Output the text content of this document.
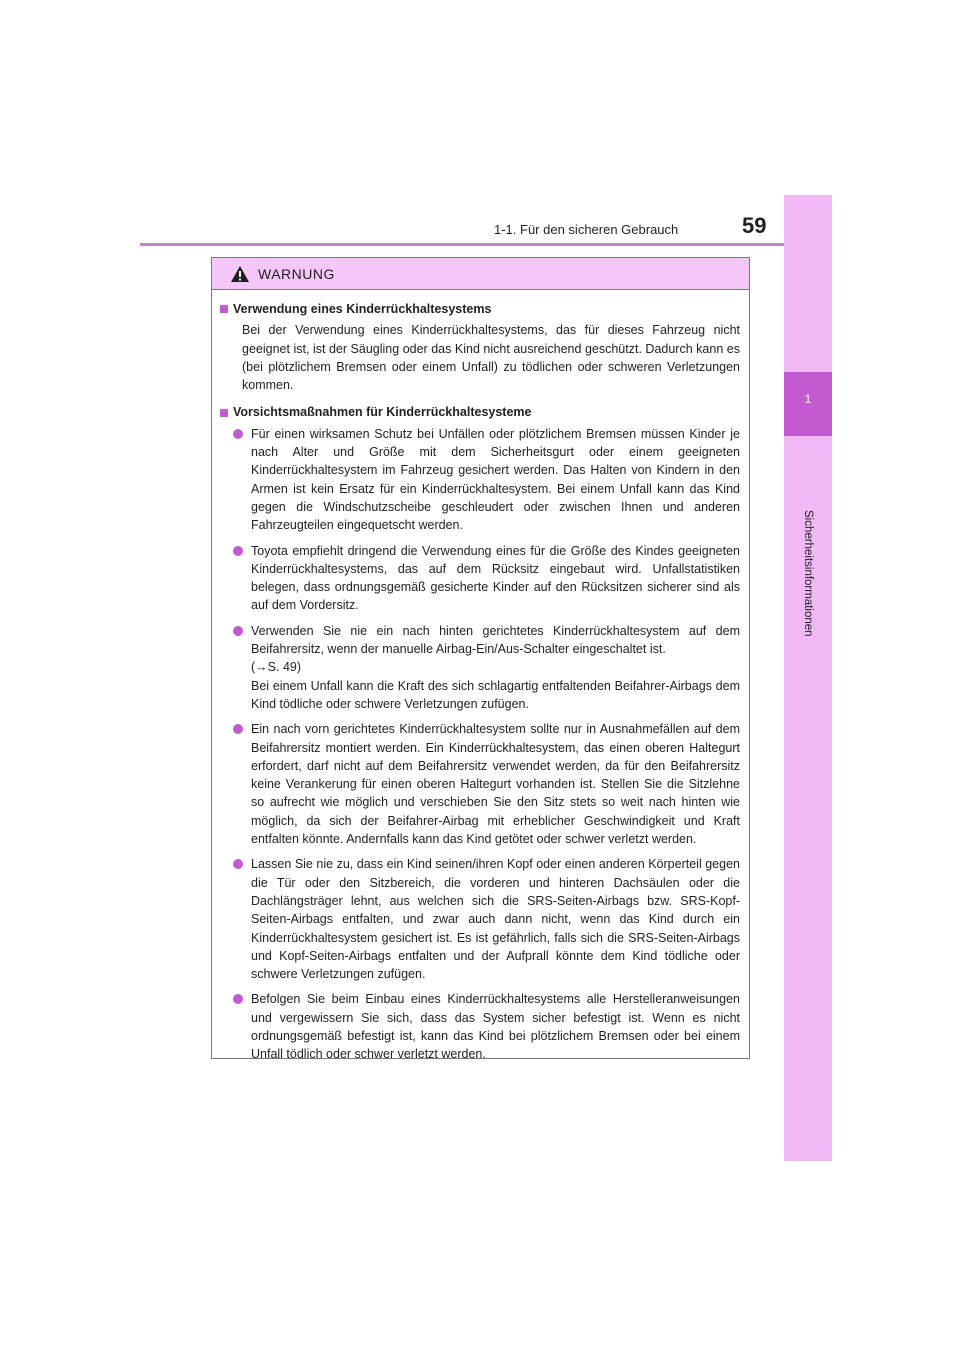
1-1. Für den sicheren Gebrauch	59
1
Sicherheitsinformationen
WARNUNG
Verwendung eines Kinderrückhaltesystems
Bei der Verwendung eines Kinderrückhaltesystems, das für dieses Fahrzeug nicht geeignet ist, ist der Säugling oder das Kind nicht ausreichend geschützt. Dadurch kann es (bei plötzlichem Bremsen oder einem Unfall) zu tödlichen oder schweren Verletzungen kommen.
Vorsichtsmaßnahmen für Kinderrückhaltesysteme
Für einen wirksamen Schutz bei Unfällen oder plötzlichem Bremsen müssen Kinder je nach Alter und Größe mit dem Sicherheitsgurt oder einem geeigneten Kinderrückhaltesystem im Fahrzeug gesichert werden. Das Halten von Kindern in den Armen ist kein Ersatz für ein Kinderrückhaltesystem. Bei einem Unfall kann das Kind gegen die Windschutzscheibe geschleudert oder zwischen Ihnen und anderen Fahrzeugteilen eingequetscht werden.
Toyota empfiehlt dringend die Verwendung eines für die Größe des Kindes geeigneten Kinderrückhaltesystems, das auf dem Rücksitz eingebaut wird. Unfallstatistiken belegen, dass ordnungsgemäß gesicherte Kinder auf den Rücksitzen sicherer sind als auf dem Vordersitz.
Verwenden Sie nie ein nach hinten gerichtetes Kinderrückhaltesystem auf dem Beifahrersitz, wenn der manuelle Airbag-Ein/Aus-Schalter eingeschaltet ist.
(→S. 49)
Bei einem Unfall kann die Kraft des sich schlagartig entfaltenden Beifahrer-Airbags dem Kind tödliche oder schwere Verletzungen zufügen.
Ein nach vorn gerichtetes Kinderrückhaltesystem sollte nur in Ausnahmefällen auf dem Beifahrersitz montiert werden. Ein Kinderrückhaltesystem, das einen oberen Haltegurt erfordert, darf nicht auf dem Beifahrersitz verwendet werden, da für den Beifahrersitz keine Verankerung für einen oberen Haltegurt vorhanden ist. Stellen Sie die Sitzlehne so aufrecht wie möglich und verschieben Sie den Sitz stets so weit nach hinten wie möglich, da sich der Beifahrer-Airbag mit erheblicher Geschwindigkeit und Kraft entfalten könnte. Andernfalls kann das Kind getötet oder schwer verletzt werden.
Lassen Sie nie zu, dass ein Kind seinen/ihren Kopf oder einen anderen Körperteil gegen die Tür oder den Sitzbereich, die vorderen und hinteren Dachsäulen oder die Dachlängsträger lehnt, aus welchen sich die SRS-Seiten-Airbags bzw. SRS-Kopf-Seiten-Airbags entfalten, und zwar auch dann nicht, wenn das Kind durch ein Kinderrückhaltesystem gesichert ist. Es ist gefährlich, falls sich die SRS-Seiten-Airbags und Kopf-Seiten-Airbags entfalten und der Aufprall könnte dem Kind tödliche oder schwere Verletzungen zufügen.
Befolgen Sie beim Einbau eines Kinderrückhaltesystems alle Herstelleranweisungen und vergewissern Sie sich, dass das System sicher befestigt ist. Wenn es nicht ordnungsgemäß befestigt ist, kann das Kind bei plötzlichem Bremsen oder bei einem Unfall tödlich oder schwer verletzt werden.
